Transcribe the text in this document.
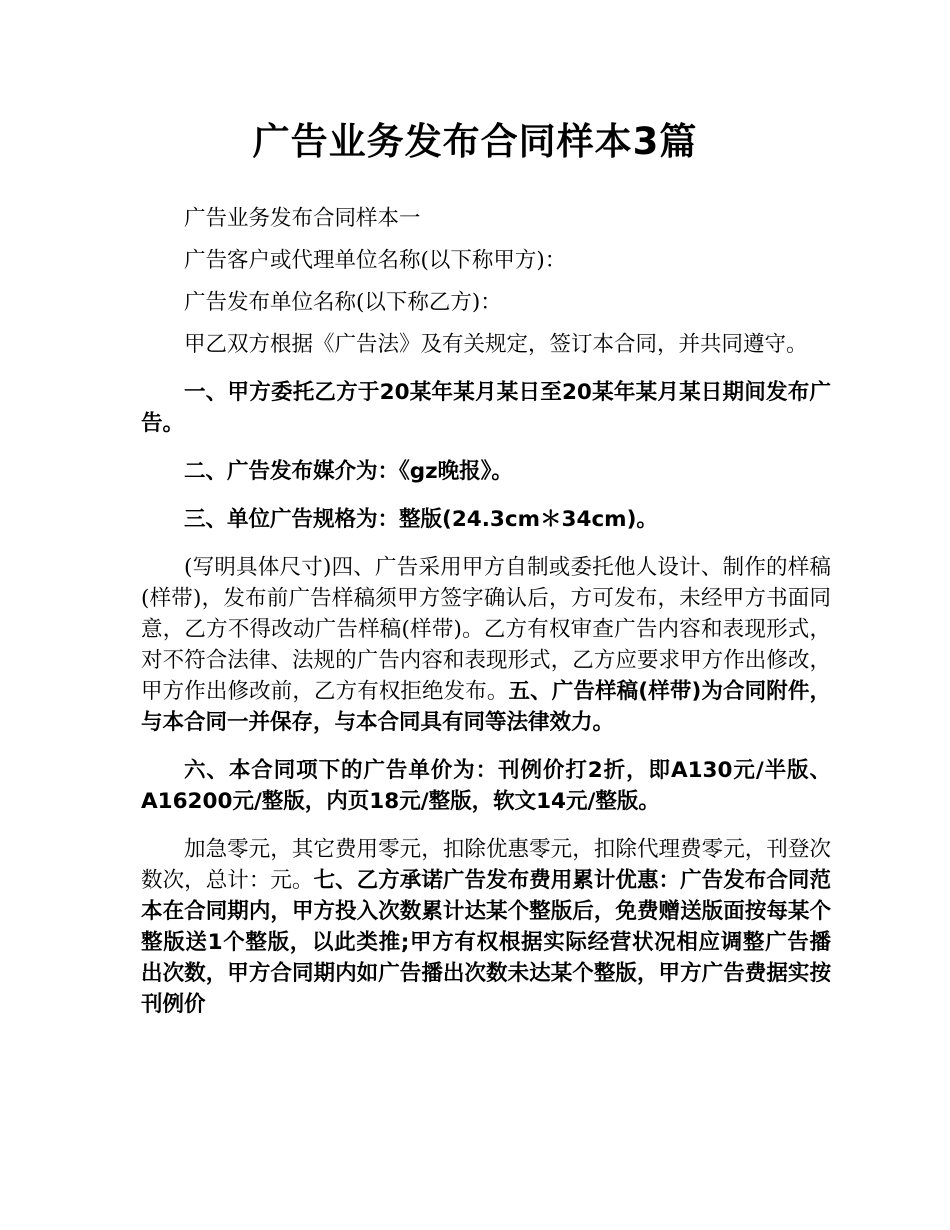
广告业务发布合同样本3篇

广告业务发布合同样本一

广告客户或代理单位名称(以下称甲方)：

广告发布单位名称(以下称乙方)：

甲乙双方根据《广告法》及有关规定，签订本合同，并共同遵守。

一、甲方委托乙方于20某年某月某日至20某年某月某日期间发布广告。

二、广告发布媒介为：《gz晚报》。

三、单位广告规格为：整版(24.3cm＊34cm)。

(写明具体尺寸)四、广告采用甲方自制或委托他人设计、制作的样稿(样带)，发布前广告样稿须甲方签字确认后，方可发布，未经甲方书面同意，乙方不得改动广告样稿(样带)。乙方有权审查广告内容和表现形式，对不符合法律、法规的广告内容和表现形式，乙方应要求甲方作出修改，甲方作出修改前，乙方有权拒绝发布。五、广告样稿(样带)为合同附件，与本合同一并保存，与本合同具有同等法律效力。

六、本合同项下的广告单价为：刊例价打2折，即A130元/半版、A16200元/整版，内页18元/整版，软文14元/整版。

加急零元，其它费用零元，扣除优惠零元，扣除代理费零元，刊登次数次，总计：元。七、乙方承诺广告发布费用累计优惠：广告发布合同范本在合同期内，甲方投入次数累计达某个整版后，免费赠送版面按每某个整版送1个整版，以此类推;甲方有权根据实际经营状况相应调整广告播出次数，甲方合同期内如广告播出次数未达某个整版，甲方广告费据实按刊例价
